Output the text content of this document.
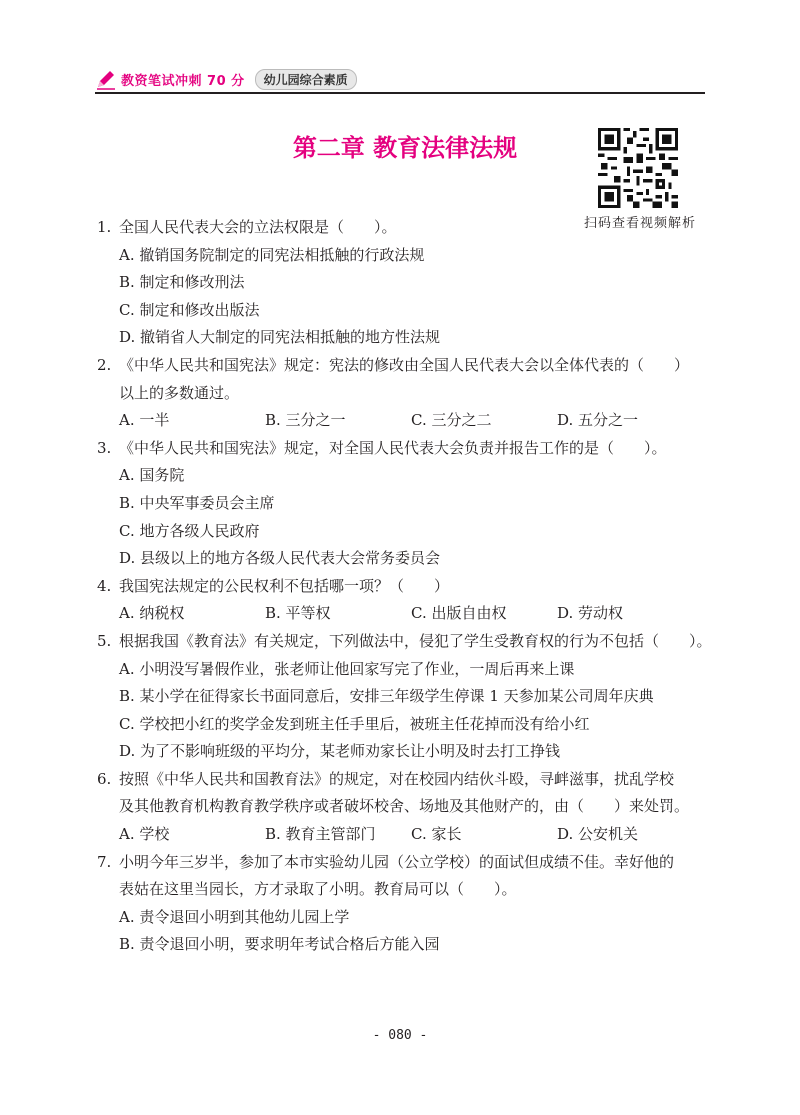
教资笔试冲刺 70 分	幼儿园综合素质
第二章 教育法律法规
扫码查看视频解析
1. 全国人民代表大会的立法权限是（　　）。
A. 撤销国务院制定的同宪法相抵触的行政法规
B. 制定和修改刑法
C. 制定和修改出版法
D. 撤销省人大制定的同宪法相抵触的地方性法规
2. 《中华人民共和国宪法》规定：宪法的修改由全国人民代表大会以全体代表的（　　）
以上的多数通过。
A. 一半	B. 三分之一	C. 三分之二	D. 五分之一
3. 《中华人民共和国宪法》规定，对全国人民代表大会负责并报告工作的是（　　）。
A. 国务院
B. 中央军事委员会主席
C. 地方各级人民政府
D. 县级以上的地方各级人民代表大会常务委员会
4. 我国宪法规定的公民权利不包括哪一项？（　　）
A. 纳税权	B. 平等权	C. 出版自由权	D. 劳动权
5. 根据我国《教育法》有关规定，下列做法中，侵犯了学生受教育权的行为不包括（　　）。
A. 小明没写暑假作业，张老师让他回家写完了作业，一周后再来上课
B. 某小学在征得家长书面同意后，安排三年级学生停课 1 天参加某公司周年庆典
C. 学校把小红的奖学金发到班主任手里后，被班主任花掉而没有给小红
D. 为了不影响班级的平均分，某老师劝家长让小明及时去打工挣钱
6. 按照《中华人民共和国教育法》的规定，对在校园内结伙斗殴，寻衅滋事，扰乱学校
及其他教育机构教育教学秩序或者破坏校舍、场地及其他财产的，由（　　）来处罚。
A. 学校	B. 教育主管部门	C. 家长	D. 公安机关
7. 小明今年三岁半，参加了本市实验幼儿园（公立学校）的面试但成绩不佳。幸好他的
表姑在这里当园长，方才录取了小明。教育局可以（　　）。
A. 责令退回小明到其他幼儿园上学
B. 责令退回小明，要求明年考试合格后方能入园
- 080 -
